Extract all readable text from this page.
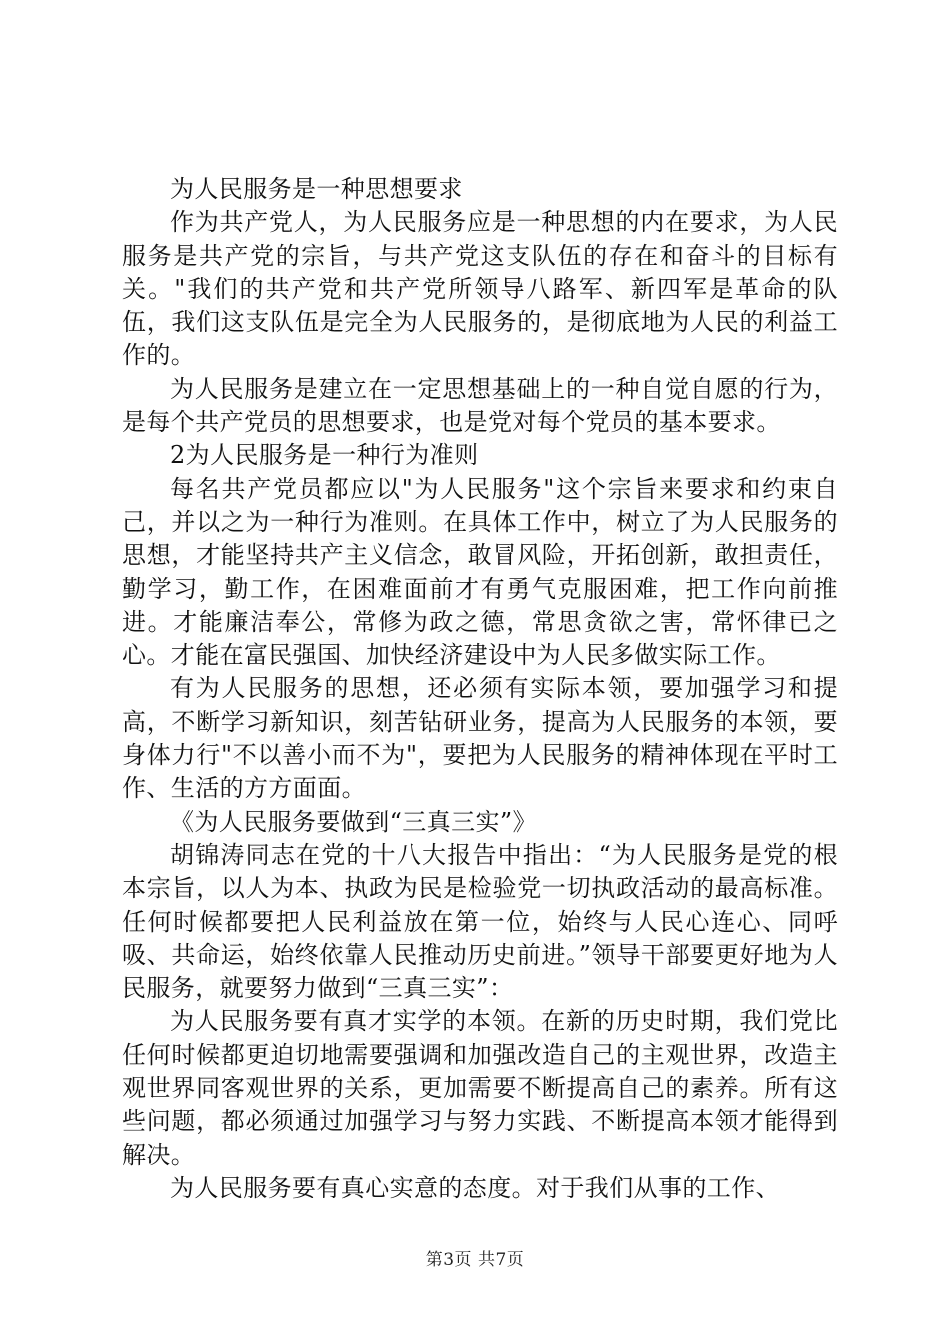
为人民服务是一种思想要求

作为共产党人，为人民服务应是一种思想的内在要求，为人民服务是共产党的宗旨，与共产党这支队伍的存在和奋斗的目标有关。"我们的共产党和共产党所领导八路军、新四军是革命的队伍，我们这支队伍是完全为人民服务的，是彻底地为人民的利益工作的。

为人民服务是建立在一定思想基础上的一种自觉自愿的行为，是每个共产党员的思想要求，也是党对每个党员的基本要求。

2为人民服务是一种行为准则

每名共产党员都应以"为人民服务"这个宗旨来要求和约束自己，并以之为一种行为准则。在具体工作中，树立了为人民服务的思想，才能坚持共产主义信念，敢冒风险，开拓创新，敢担责任，勤学习，勤工作，在困难面前才有勇气克服困难，把工作向前推进。才能廉洁奉公，常修为政之德，常思贪欲之害，常怀律已之心。才能在富民强国、加快经济建设中为人民多做实际工作。

有为人民服务的思想，还必须有实际本领，要加强学习和提高，不断学习新知识，刻苦钻研业务，提高为人民服务的本领，要身体力行"不以善小而不为"，要把为人民服务的精神体现在平时工作、生活的方方面面。

《为人民服务要做到“三真三实”》

胡锦涛同志在党的十八大报告中指出：“为人民服务是党的根本宗旨，以人为本、执政为民是检验党一切执政活动的最高标准。任何时候都要把人民利益放在第一位，始终与人民心连心、同呼吸、共命运，始终依靠人民推动历史前进。”领导干部要更好地为人民服务，就要努力做到“三真三实”：

为人民服务要有真才实学的本领。在新的历史时期，我们党比任何时候都更迫切地需要强调和加强改造自己的主观世界，改造主观世界同客观世界的关系，更加需要不断提高自己的素养。所有这些问题，都必须通过加强学习与努力实践、不断提高本领才能得到解决。

为人民服务要有真心实意的态度。对于我们从事的工作、

第3页 共7页
